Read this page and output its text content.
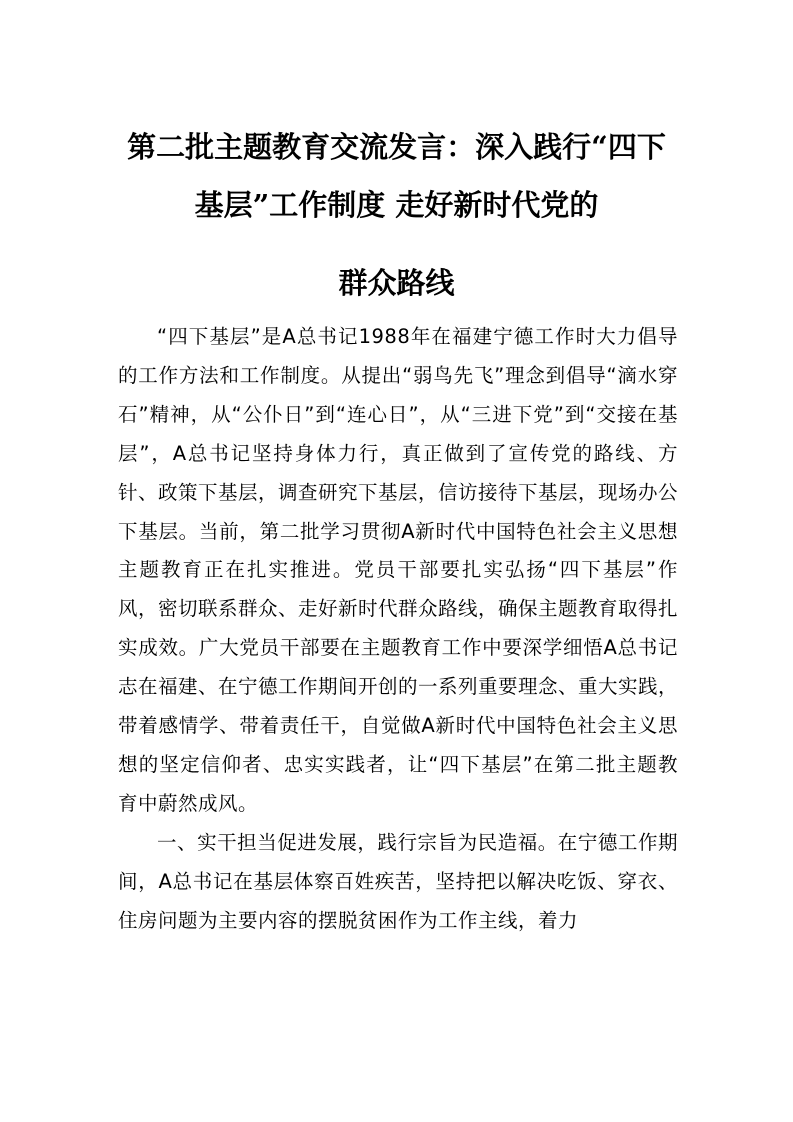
第二批主题教育交流发言：深入践行“四下
基层”工作制度 走好新时代党的
群众路线

“四下基层”是A总书记1988年在福建宁德工作时大力倡导的工作方法和工作制度。从提出“弱鸟先飞”理念到倡导“滴水穿石”精神，从“公仆日”到“连心日”，从“三进下党”到“交接在基层”，A总书记坚持身体力行，真正做到了宣传党的路线、方针、政策下基层，调查研究下基层，信访接待下基层，现场办公下基层。当前，第二批学习贯彻A新时代中国特色社会主义思想主题教育正在扎实推进。党员干部要扎实弘扬“四下基层”作风，密切联系群众、走好新时代群众路线，确保主题教育取得扎实成效。广大党员干部要在主题教育工作中要深学细悟A总书记志在福建、在宁德工作期间开创的一系列重要理念、重大实践，带着感情学、带着责任干，自觉做A新时代中国特色社会主义思想的坚定信仰者、忠实实践者，让“四下基层”在第二批主题教育中蔚然成风。

一、实干担当促进发展，践行宗旨为民造福。在宁德工作期间，A总书记在基层体察百姓疾苦，坚持把以解决吃饭、穿衣、住房问题为主要内容的摆脱贫困作为工作主线，着力
